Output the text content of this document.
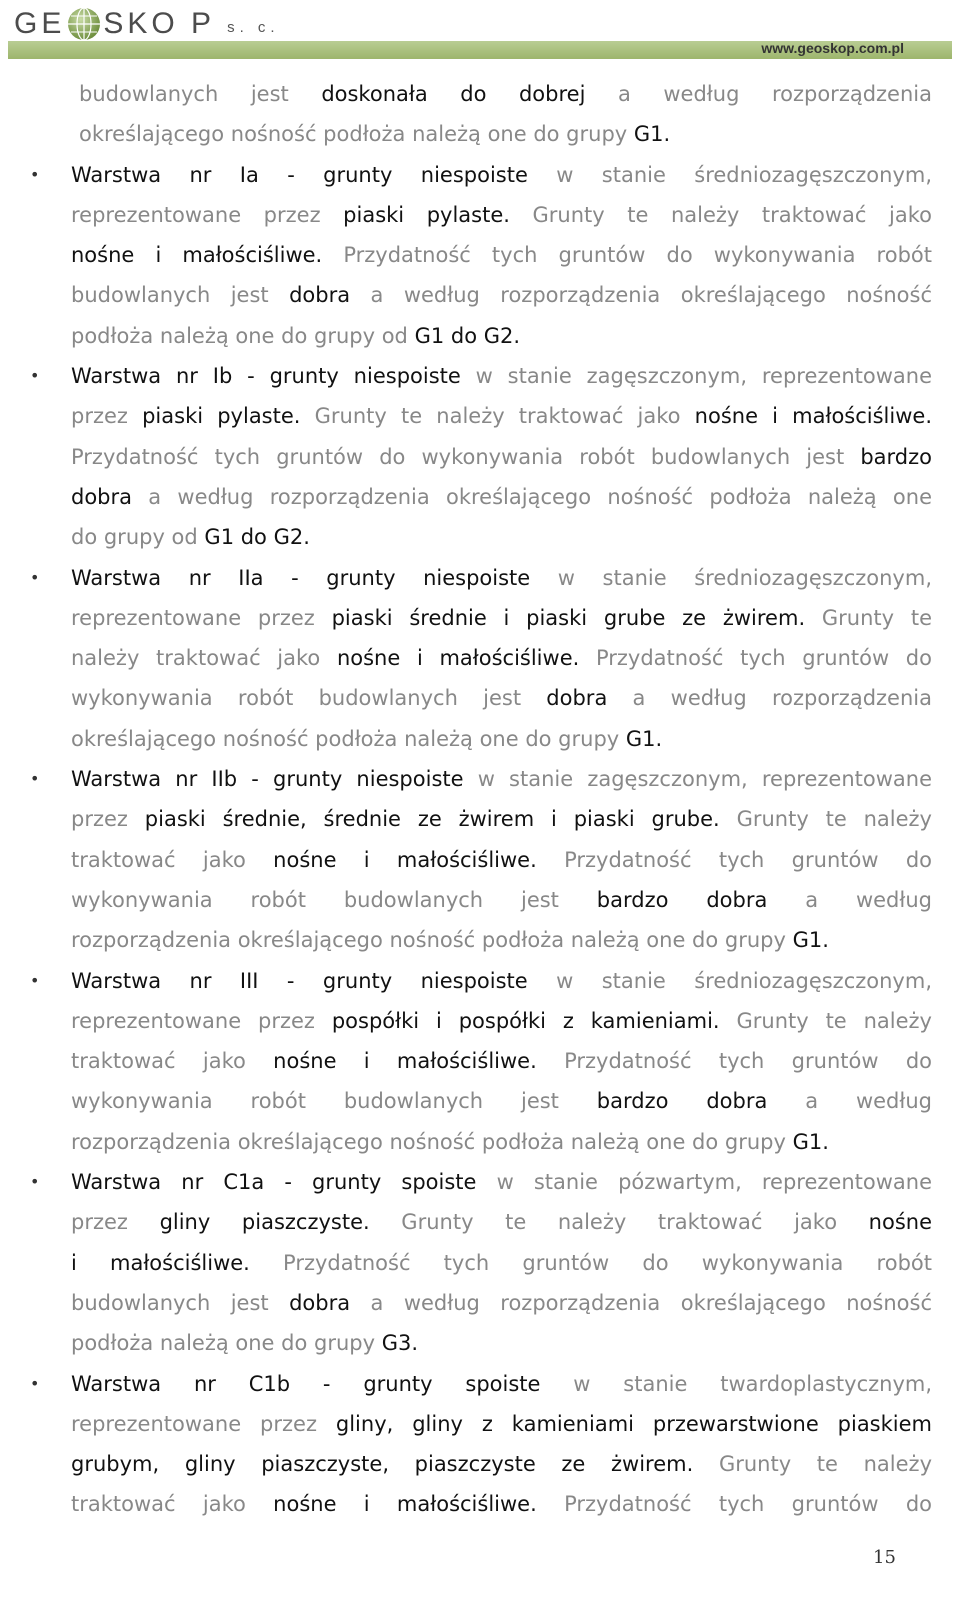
GE SKO P s. c.
www.geoskop.com.pl

budowlanych jest doskonała do dobrej a według rozporządzenia

określającego nośność podłoża należą one do grupy G1.

• Warstwa nr Ia - grunty niespoiste w stanie średniozagęszczonym,

reprezentowane przez piaski pylaste. Grunty te należy traktować jako

nośne i małościśliwe. Przydatność tych gruntów do wykonywania robót

budowlanych jest dobra a według rozporządzenia określającego nośność

podłoża należą one do grupy od G1 do G2.

• Warstwa nr Ib - grunty niespoiste w stanie zagęszczonym, reprezentowane

przez piaski pylaste. Grunty te należy traktować jako nośne i małościśliwe.

Przydatność tych gruntów do wykonywania robót budowlanych jest bardzo

dobra a według rozporządzenia określającego nośność podłoża należą one

do grupy od G1 do G2.

• Warstwa nr IIa - grunty niespoiste w stanie średniozagęszczonym,

reprezentowane przez piaski średnie i piaski grube ze żwirem. Grunty te

należy traktować jako nośne i małościśliwe. Przydatność tych gruntów do

wykonywania robót budowlanych jest dobra a według rozporządzenia

określającego nośność podłoża należą one do grupy G1.

• Warstwa nr IIb - grunty niespoiste w stanie zagęszczonym, reprezentowane

przez piaski średnie, średnie ze żwirem i piaski grube. Grunty te należy

traktować jako nośne i małościśliwe. Przydatność tych gruntów do

wykonywania robót budowlanych jest bardzo dobra a według

rozporządzenia określającego nośność podłoża należą one do grupy G1.

• Warstwa nr III - grunty niespoiste w stanie średniozagęszczonym,

reprezentowane przez pospółki i pospółki z kamieniami. Grunty te należy

traktować jako nośne i małościśliwe. Przydatność tych gruntów do

wykonywania robót budowlanych jest bardzo dobra a według

rozporządzenia określającego nośność podłoża należą one do grupy G1.

• Warstwa nr C1a - grunty spoiste w stanie pózwartym, reprezentowane

przez gliny piaszczyste. Grunty te należy traktować jako nośne

i małościśliwe. Przydatność tych gruntów do wykonywania robót

budowlanych jest dobra a według rozporządzenia określającego nośność

podłoża należą one do grupy G3.

• Warstwa nr C1b - grunty spoiste w stanie twardoplastycznym,

reprezentowane przez gliny, gliny z kamieniami przewarstwione piaskiem

grubym, gliny piaszczyste, piaszczyste ze żwirem. Grunty te należy

traktować jako nośne i małościśliwe. Przydatność tych gruntów do

15
